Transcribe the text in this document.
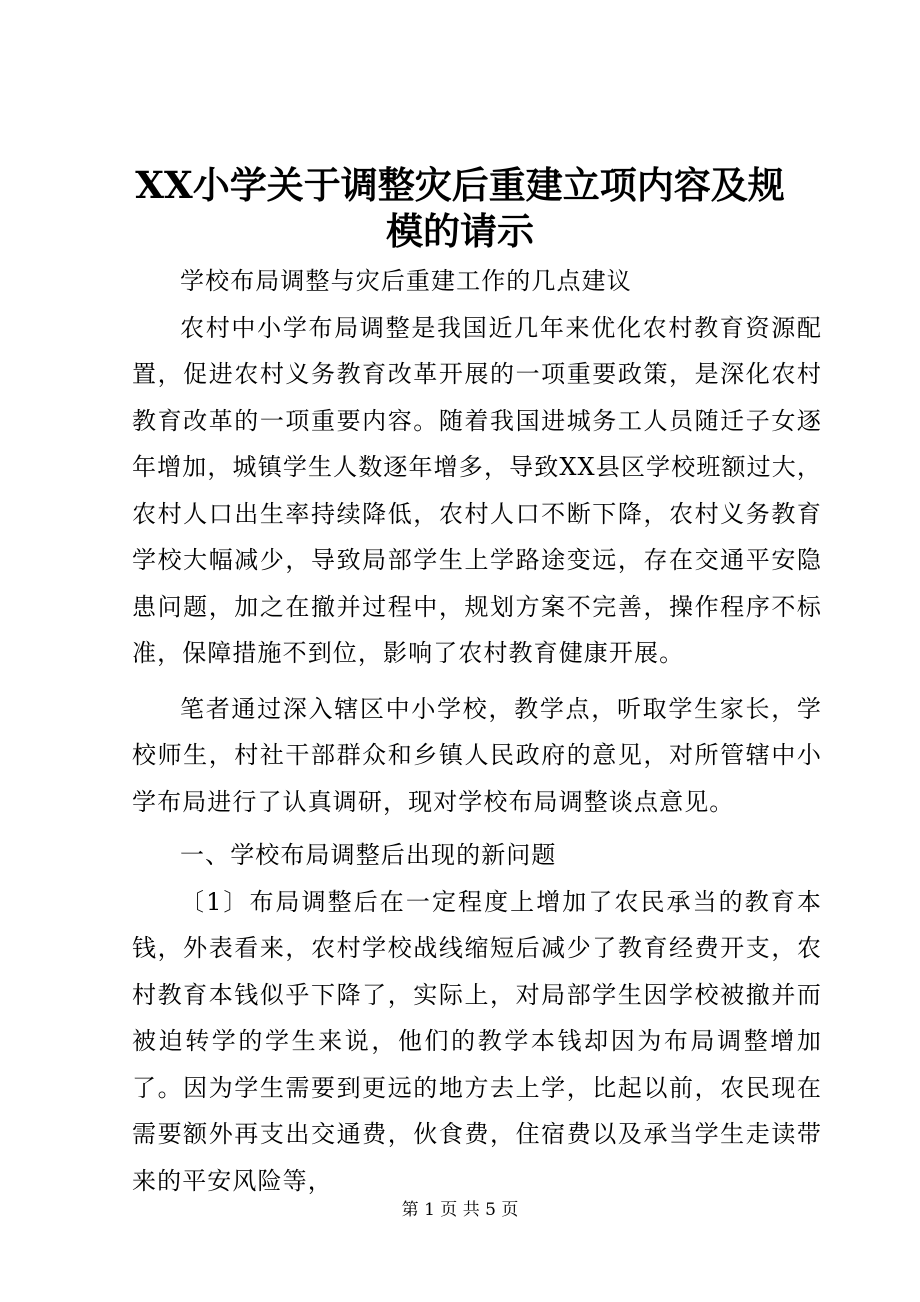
XX小学关于调整灾后重建立项内容及规模的请示

学校布局调整与灾后重建工作的几点建议

农村中小学布局调整是我国近几年来优化农村教育资源配置，促进农村义务教育改革开展的一项重要政策，是深化农村教育改革的一项重要内容。随着我国进城务工人员随迁子女逐年增加，城镇学生人数逐年增多，导致XX县区学校班额过大，农村人口出生率持续降低，农村人口不断下降，农村义务教育学校大幅减少，导致局部学生上学路途变远，存在交通平安隐患问题，加之在撤并过程中，规划方案不完善，操作程序不标准，保障措施不到位，影响了农村教育健康开展。

笔者通过深入辖区中小学校，教学点，听取学生家长，学校师生，村社干部群众和乡镇人民政府的意见，对所管辖中小学布局进行了认真调研，现对学校布局调整谈点意见。

一、学校布局调整后出现的新问题

〔1〕布局调整后在一定程度上增加了农民承当的教育本钱，外表看来，农村学校战线缩短后减少了教育经费开支，农村教育本钱似乎下降了，实际上，对局部学生因学校被撤并而被迫转学的学生来说，他们的教学本钱却因为布局调整增加了。因为学生需要到更远的地方去上学，比起以前，农民现在需要额外再支出交通费，伙食费，住宿费以及承当学生走读带来的平安风险等，

第 1 页 共 5 页
